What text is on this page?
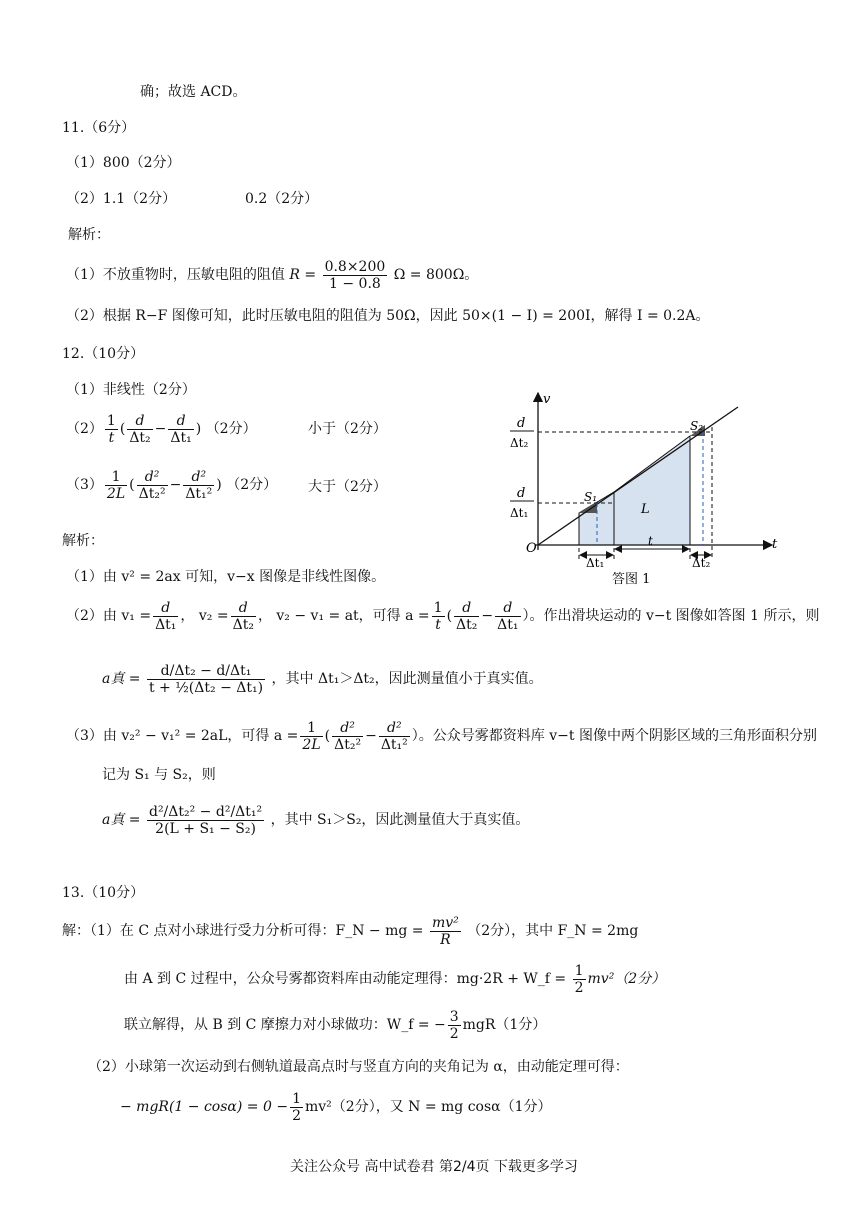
确；故选 ACD。
11.（6分）
（1）800（2分）
（2）1.1（2分）	0.2（2分）
解析：
（1）不放重物时，压敏电阻的阻值 $R = \frac{0.8\times 200}{1 - 0.8}$ Ω = 800Ω。
（2）根据 R−F 图像可知，此时压敏电阻的阻值为 50Ω，因此 50×(1 − I) = 200I，解得 I = 0.2A。
12.（10分）
（1）非线性（2分）
$(2) \frac{1}{t}$ ( $\frac{d}{\text{Δt₂}} - \frac{d}{\text{Δt₁}}$ ) （2分）	小于（2分）
$(3) \frac{1}{2L}$ ( $\frac{\text{d²}}{\text{Δt₂²}} - \frac{\text{d²}}{\text{Δt₁²}}$ ) （2分） 大于（2分）
解析：
（1）由 v² = 2ax 可知，v−x 图像是非线性图像。
（2）由 $v_1 = \frac{d}{\text{Δt₁}}$ ， $v_2 = \frac{d}{\text{Δt₂}}$ ， v₂ − v₁ = at，可得 $a = \frac{1}{t}$ ( $\frac{d}{\text{Δt₂}} - \frac{d}{\text{Δt₁}}$ ）。作出滑块运动的 v−t 图像如答图 1 所示，则
a真 = $\frac{\text{d/Δt₂ − d/Δt₁}}{\text{t + ½(Δt₂ − Δt₁)}}$ ，其中 Δt₁＞Δt₂，因此测量值小于真实值。
（3）由 v₂² − v₁² = 2aL，可得 $a = \frac{1}{2L}$ ( $\frac{\text{d²}}{\text{Δt₂²}} - \frac{\text{d²}}{\text{Δt₁²}}$ ）。公众号雾都资料库 v−t 图像中两个阴影区域的三角形面积分别
记为 S₁ 与 S₂，则
a真 = $\frac{\text{d²/Δt₂² − d²/Δt₁²}}{\text{2(L + S₁ − S₂)}}$ ，其中 S₁＞S₂，因此测量值大于真实值。
13.（10分）
解：（1）在 C 点对小球进行受力分析可得：F_N − mg = $\frac{\text{mv²}}{R} (2$分），其中 F_N = 2mg
由 A 到 C 过程中，公众号雾都资料库由动能定理得：mg·2R + W_f = $\frac{1}{2} mv^2(2$分）
联立解得，从 B 到 C 摩擦力对小球做功：W_f = − $\frac{3}{2} mgR(1$分）
（2）小球第一次运动到右侧轨道最高点时与竖直方向的夹角记为 α，由动能定理可得：
− $mgR(1 - \cos\alpha) = 0 - \frac{1}{2} mv^2(2$分），又 N = mg cosα（1分）
v
t
O
d
Δt₂
d
Δt₁
S₁
S₂
L
Δt₁
t
Δt₂
答图 1
关注公众号 高中试卷君 第2/4页 下载更多学习
